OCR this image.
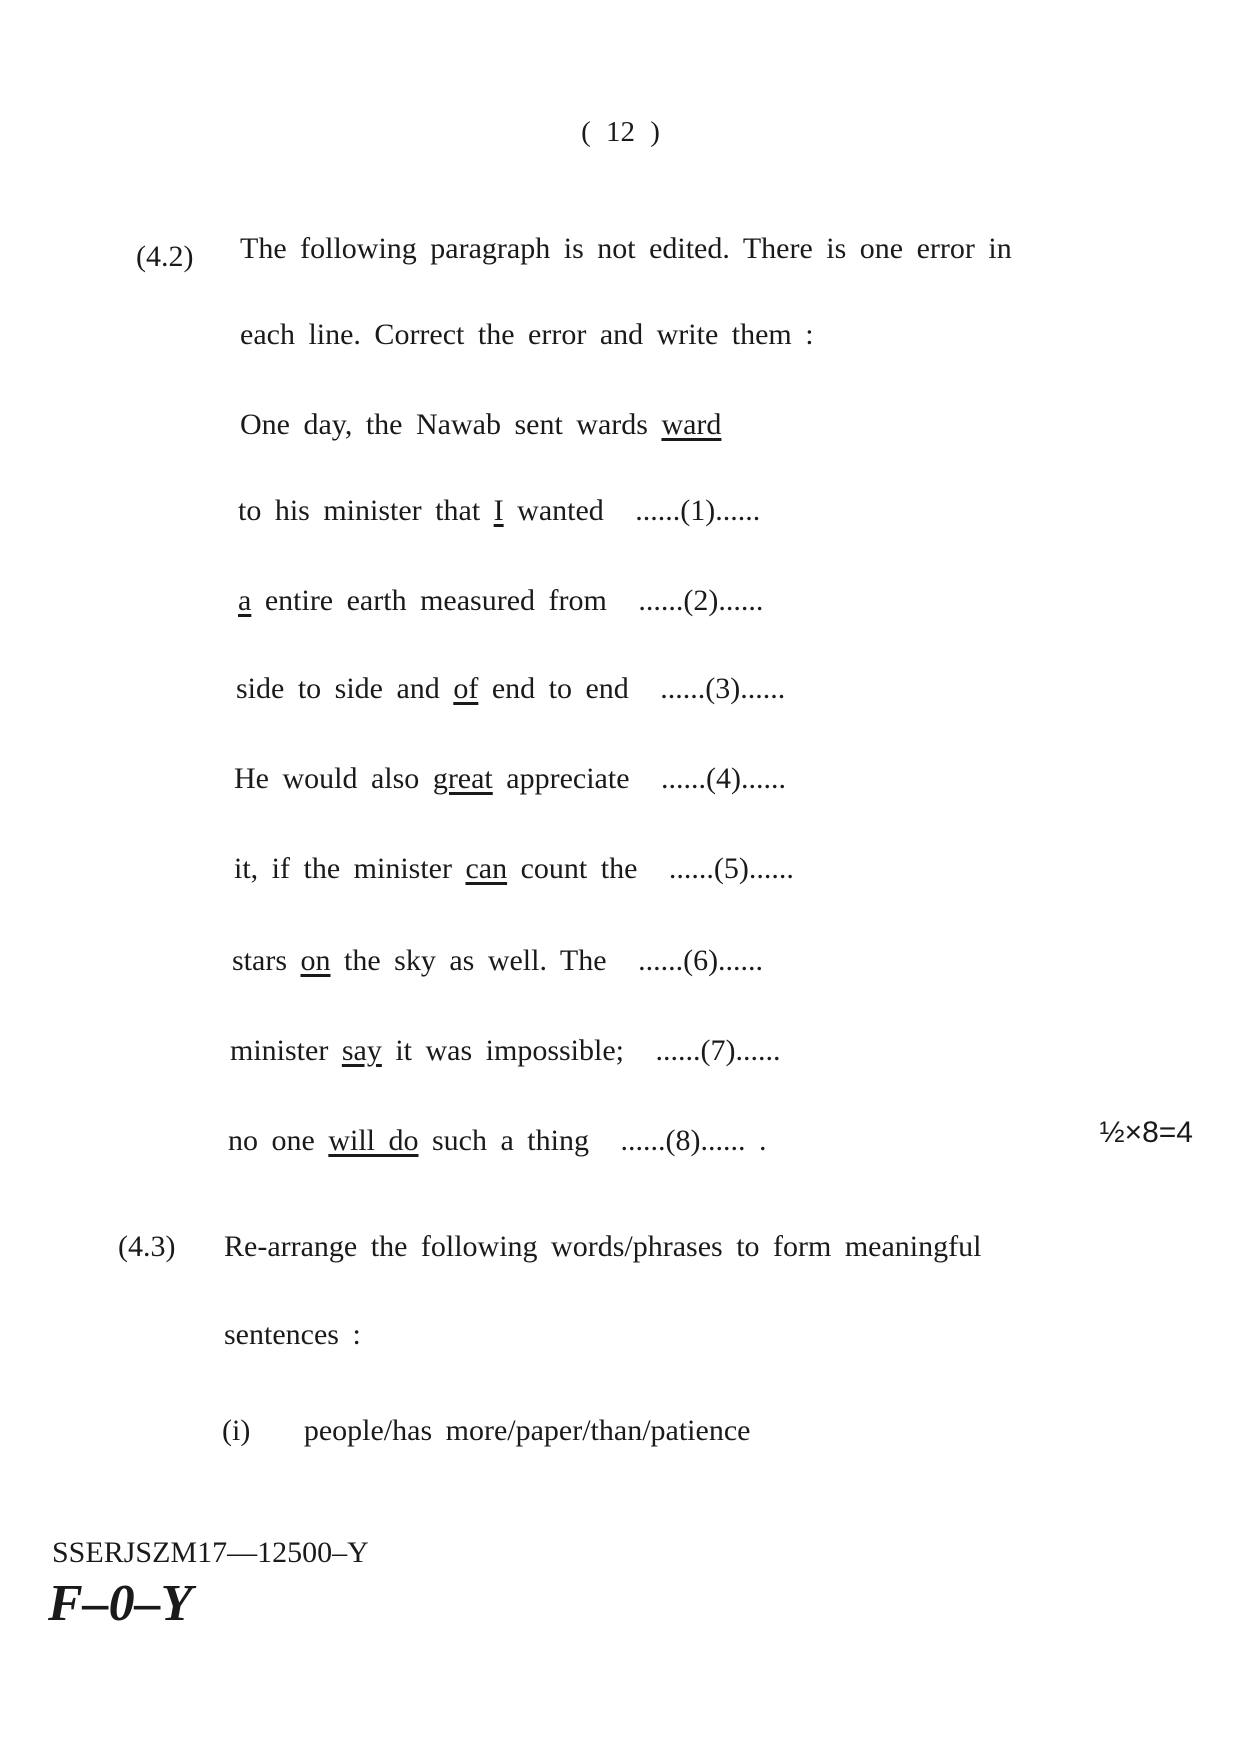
( 12 )
(4.2) The following paragraph is not edited. There is one error in
each line. Correct the error and write them :
One day, the Nawab sent wards ward
to his minister that I wanted ......(1)......
a entire earth measured from ......(2)......
side to side and of end to end ......(3)......
He would also great appreciate ......(4)......
it, if the minister can count the ......(5)......
stars on the sky as well. The ......(6)......
minister say it was impossible; ......(7)......
no one will do such a thing ......(8)...... .	½×8=4
(4.3) Re-arrange the following words/phrases to form meaningful
sentences :
(i) people/has more/paper/than/patience
SSERJSZM17—12500–Y
F–0–Y
